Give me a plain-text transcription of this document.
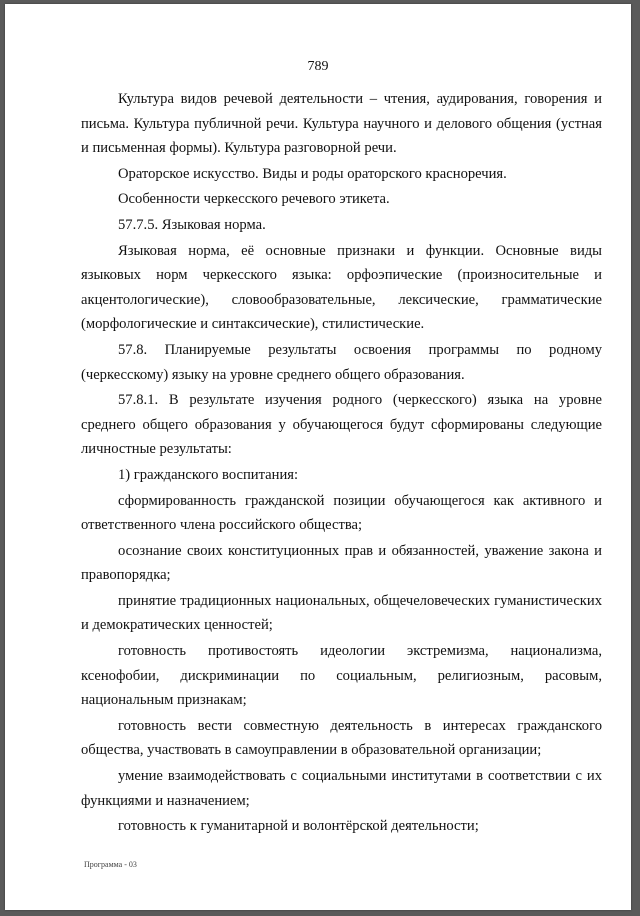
789

Культура видов речевой деятельности – чтения, аудирования, говорения и письма. Культура публичной речи. Культура научного и делового общения (устная и письменная формы). Культура разговорной речи.

Ораторское искусство. Виды и роды ораторского красноречия.

Особенности черкесского речевого этикета.

57.7.5. Языковая норма.

Языковая норма, её основные признаки и функции. Основные виды языковых норм черкесского языка: орфоэпические (произносительные и акцентологические), словообразовательные, лексические, грамматические (морфологические и синтаксические), стилистические.

57.8. Планируемые результаты освоения программы по родному (черкесскому) языку на уровне среднего общего образования.

57.8.1. В результате изучения родного (черкесского) языка на уровне среднего общего образования у обучающегося будут сформированы следующие личностные результаты:

1) гражданского воспитания:

сформированность гражданской позиции обучающегося как активного и ответственного члена российского общества;

осознание своих конституционных прав и обязанностей, уважение закона и правопорядка;

принятие традиционных национальных, общечеловеческих гуманистических и демократических ценностей;

готовность противостоять идеологии экстремизма, национализма, ксенофобии, дискриминации по социальным, религиозным, расовым, национальным признакам;

готовность вести совместную деятельность в интересах гражданского общества, участвовать в самоуправлении в образовательной организации;

умение взаимодействовать с социальными институтами в соответствии с их функциями и назначением;

готовность к гуманитарной и волонтёрской деятельности;

Программа - 03
